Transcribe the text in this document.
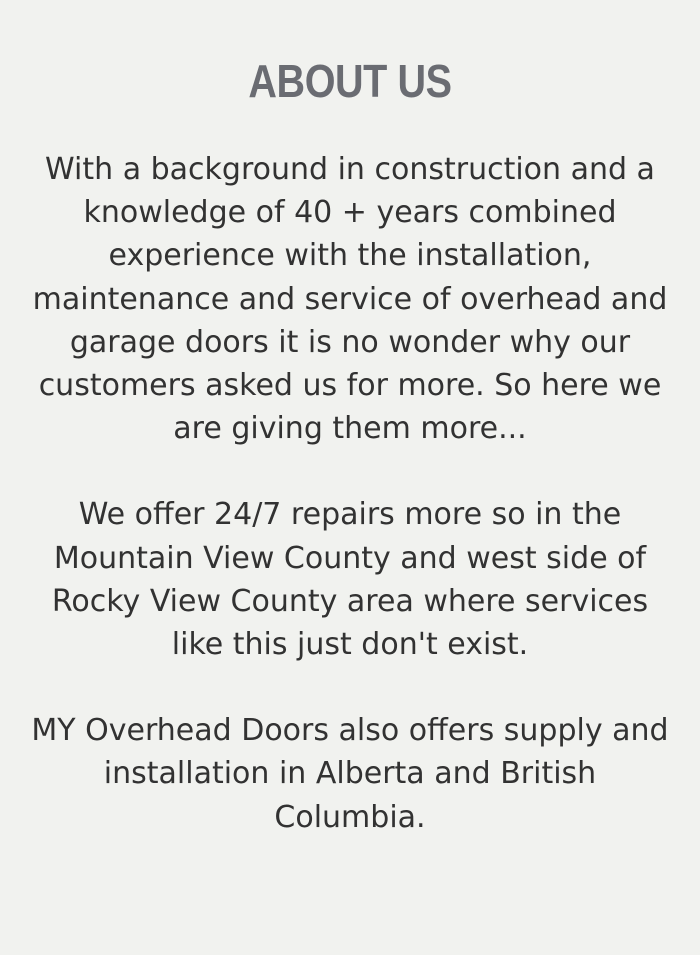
ABOUT US

With a background in construction and a knowledge of 40 + years combined experience with the installation, maintenance and service of overhead and garage doors it is no wonder why our customers asked us for more. So here we are giving them more...

We offer 24/7 repairs more so in the Mountain View County and west side of Rocky View County area where services like this just don't exist.

MY Overhead Doors also offers supply and installation in Alberta and British Columbia.
